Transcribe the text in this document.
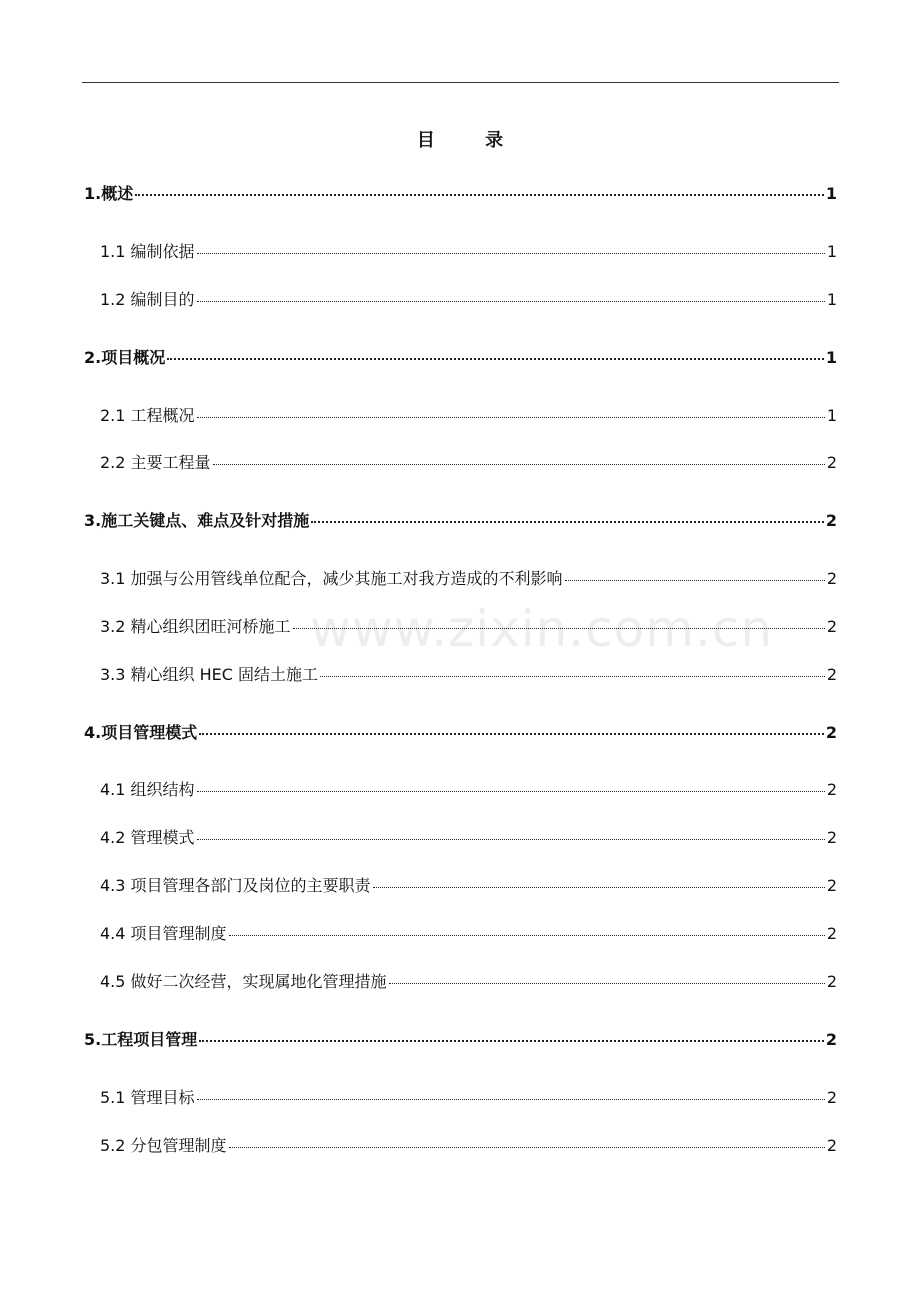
目 录
www.zixin.com.cn
1.概述	1
1.1 编制依据	1
1.2 编制目的	1
2.项目概况	1
2.1 工程概况	1
2.2 主要工程量	2
3.施工关键点、难点及针对措施	2
3.1 加强与公用管线单位配合，减少其施工对我方造成的不利影响	2
3.2 精心组织团旺河桥施工	2
3.3 精心组织 HEC 固结土施工	2
4.项目管理模式	2
4.1 组织结构	2
4.2 管理模式	2
4.3 项目管理各部门及岗位的主要职责	2
4.4 项目管理制度	2
4.5 做好二次经营，实现属地化管理措施	2
5.工程项目管理	2
5.1 管理目标	2
5.2 分包管理制度	2
